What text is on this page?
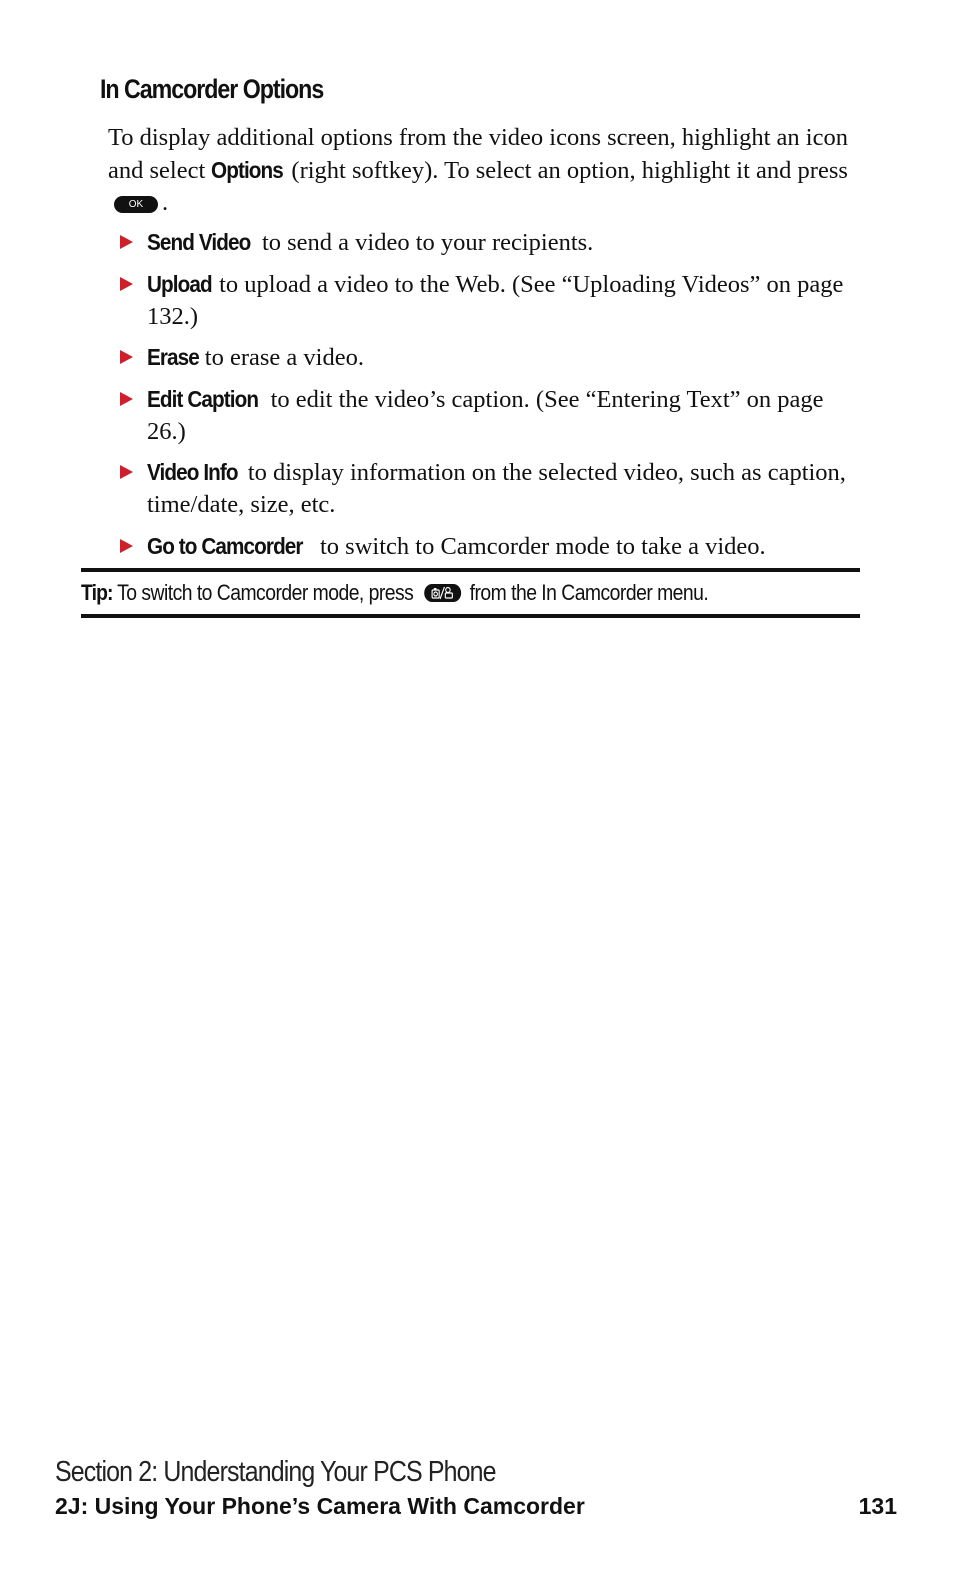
In Camcorder Options
To display additional options from the video icons screen, highlight an icon and select Options (right softkey). To select an option, highlight it and pressOK .
Send Video to send a video to your recipients.
Upload to upload a video to the Web. (See “Uploading Videos” on page 132.)
Erase to erase a video.
Edit Caption to edit the video’s caption. (See “Entering Text” on page 26.)
Video Info to display information on the selected video, such as caption, time/date, size, etc.
Go to Camcorder to switch to Camcorder mode to take a video.
Tip: To switch to Camcorder mode, press	from the In Camcorder menu.
Section 2: Understanding Your PCS Phone
2J: Using Your Phone’s Camera With Camcorder	131
